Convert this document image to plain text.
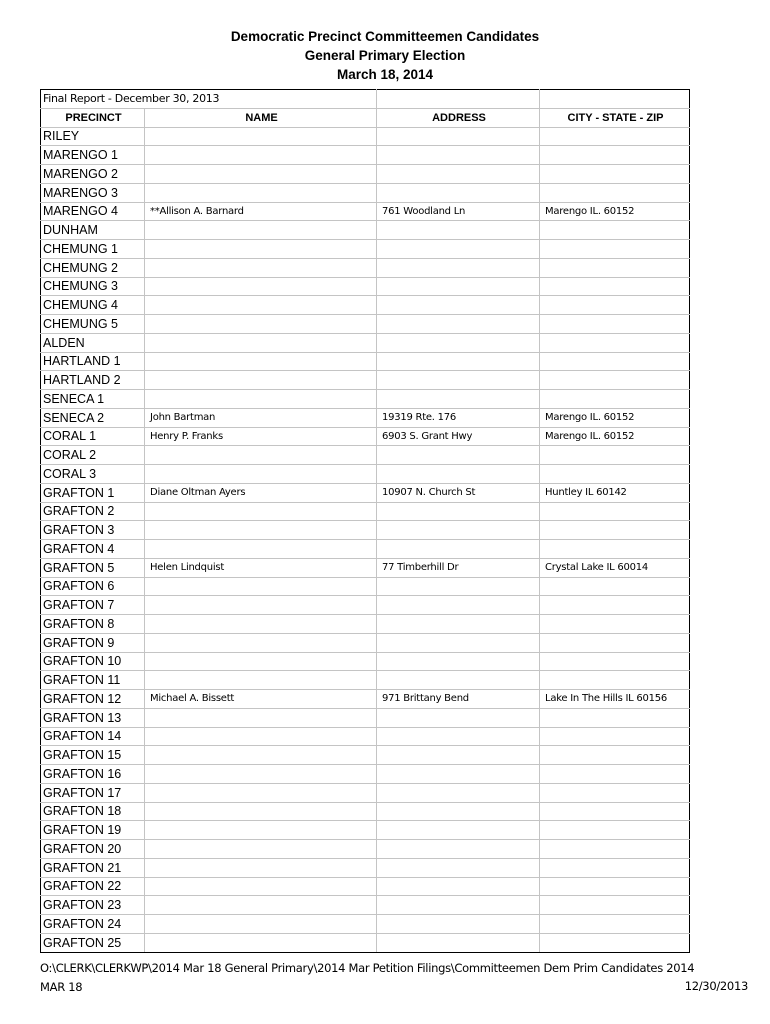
Democratic Precinct Committeemen Candidates
General Primary Election
March 18, 2014
Final Report - December 30, 2013			
PRECINCT	NAME	ADDRESS	CITY - STATE - ZIP
RILEY			
MARENGO 1			
MARENGO 2			
MARENGO 3			
MARENGO 4	**Allison A. Barnard	761 Woodland Ln	Marengo IL. 60152
DUNHAM			
CHEMUNG 1			
CHEMUNG 2			
CHEMUNG 3			
CHEMUNG 4			
CHEMUNG 5			
ALDEN			
HARTLAND 1			
HARTLAND 2			
SENECA 1			
SENECA 2	John Bartman	19319 Rte. 176	Marengo IL. 60152
CORAL 1	Henry P. Franks	6903 S. Grant Hwy	Marengo IL. 60152
CORAL 2			
CORAL 3			
GRAFTON 1	Diane Oltman Ayers	10907 N. Church St	Huntley IL 60142
GRAFTON 2			
GRAFTON 3			
GRAFTON 4			
GRAFTON 5	Helen Lindquist	77 Timberhill Dr	Crystal Lake IL 60014
GRAFTON 6			
GRAFTON 7			
GRAFTON 8			
GRAFTON 9			
GRAFTON 10			
GRAFTON 11			
GRAFTON 12	Michael A. Bissett	971 Brittany Bend	Lake In The Hills IL 60156
GRAFTON 13			
GRAFTON 14			
GRAFTON 15			
GRAFTON 16			
GRAFTON 17			
GRAFTON 18			
GRAFTON 19			
GRAFTON 20			
GRAFTON 21			
GRAFTON 22			
GRAFTON 23			
GRAFTON 24			
GRAFTON 25			
O:\CLERK\CLERKWP\2014 Mar 18 General Primary\2014 Mar Petition Filings\Committeemen Dem Prim Candidates 2014
MAR 18	12/30/2013
